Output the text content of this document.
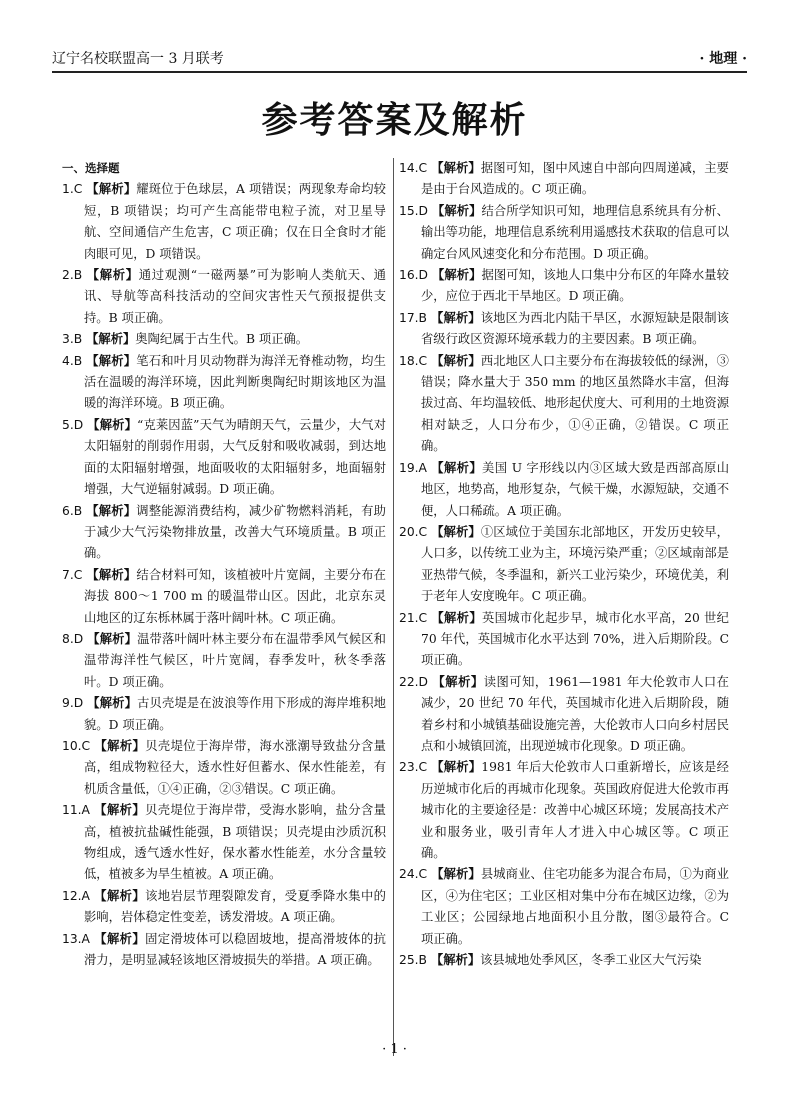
辽宁名校联盟高一 3 月联考	· 地理 ·
参考答案及解析

一、选择题

1.C 【解析】耀斑位于色球层，A 项错误；两现象寿命均较短，B 项错误；均可产生高能带电粒子流，对卫星导航、空间通信产生危害，C 项正确；仅在日全食时才能肉眼可见，D 项错误。

2.B 【解析】通过观测“一磁两暴”可为影响人类航天、通讯、导航等高科技活动的空间灾害性天气预报提供支持。B 项正确。

3.B 【解析】奥陶纪属于古生代。B 项正确。

4.B 【解析】笔石和叶月贝动物群为海洋无脊椎动物，均生活在温暖的海洋环境，因此判断奥陶纪时期该地区为温暖的海洋环境。B 项正确。

5.D 【解析】“克莱因蓝”天气为晴朗天气，云量少，大气对太阳辐射的削弱作用弱，大气反射和吸收减弱，到达地面的太阳辐射增强，地面吸收的太阳辐射多，地面辐射增强，大气逆辐射减弱。D 项正确。

6.B 【解析】调整能源消费结构，减少矿物燃料消耗，有助于减少大气污染物排放量，改善大气环境质量。B 项正确。

7.C 【解析】结合材料可知，该植被叶片宽阔，主要分布在海拔 800～1 700 m 的暖温带山区。因此，北京东灵山地区的辽东栎林属于落叶阔叶林。C 项正确。

8.D 【解析】温带落叶阔叶林主要分布在温带季风气候区和温带海洋性气候区，叶片宽阔，春季发叶，秋冬季落叶。D 项正确。

9.D 【解析】古贝壳堤是在波浪等作用下形成的海岸堆积地貌。D 项正确。

10.C 【解析】贝壳堤位于海岸带，海水涨潮导致盐分含量高，组成物粒径大，透水性好但蓄水、保水性能差，有机质含量低，①④正确，②③错误。C 项正确。

11.A 【解析】贝壳堤位于海岸带，受海水影响，盐分含量高，植被抗盐碱性能强，B 项错误；贝壳堤由沙质沉积物组成，透气透水性好，保水蓄水性能差，水分含量较低，植被多为旱生植被。A 项正确。

12.A 【解析】该地岩层节理裂隙发育，受夏季降水集中的影响，岩体稳定性变差，诱发滑坡。A 项正确。

13.A 【解析】固定滑坡体可以稳固坡地，提高滑坡体的抗滑力，是明显减轻该地区滑坡损失的举措。A 项正确。

14.C 【解析】据图可知，图中风速自中部向四周递减，主要是由于台风造成的。C 项正确。

15.D 【解析】结合所学知识可知，地理信息系统具有分析、输出等功能，地理信息系统利用遥感技术获取的信息可以确定台风风速变化和分布范围。D 项正确。

16.D 【解析】据图可知，该地人口集中分布区的年降水量较少，应位于西北干旱地区。D 项正确。

17.B 【解析】该地区为西北内陆干旱区，水源短缺是限制该省级行政区资源环境承载力的主要因素。B 项正确。

18.C 【解析】西北地区人口主要分布在海拔较低的绿洲，③错误；降水量大于 350 mm 的地区虽然降水丰富，但海拔过高、年均温较低、地形起伏度大、可利用的土地资源相对缺乏，人口分布少，①④正确，②错误。C 项正确。

19.A 【解析】美国 U 字形线以内③区域大致是西部高原山地区，地势高，地形复杂，气候干燥，水源短缺，交通不便，人口稀疏。A 项正确。

20.C 【解析】①区域位于美国东北部地区，开发历史较早，人口多，以传统工业为主，环境污染严重；②区域南部是亚热带气候，冬季温和，新兴工业污染少，环境优美，利于老年人安度晚年。C 项正确。

21.C 【解析】英国城市化起步早，城市化水平高，20 世纪 70 年代，英国城市化水平达到 70%，进入后期阶段。C 项正确。

22.D 【解析】读图可知，1961—1981 年大伦敦市人口在减少，20 世纪 70 年代，英国城市化进入后期阶段，随着乡村和小城镇基础设施完善，大伦敦市人口向乡村居民点和小城镇回流，出现逆城市化现象。D 项正确。

23.C 【解析】1981 年后大伦敦市人口重新增长，应该是经历逆城市化后的再城市化现象。英国政府促进大伦敦市再城市化的主要途径是：改善中心城区环境；发展高技术产业和服务业，吸引青年人才进入中心城区等。C 项正确。

24.C 【解析】县城商业、住宅功能多为混合布局，①为商业区，④为住宅区；工业区相对集中分布在城区边缘，②为工业区；公园绿地占地面积小且分散，图③最符合。C 项正确。

25.B 【解析】该县城地处季风区，冬季工业区大气污染

· 1 ·
